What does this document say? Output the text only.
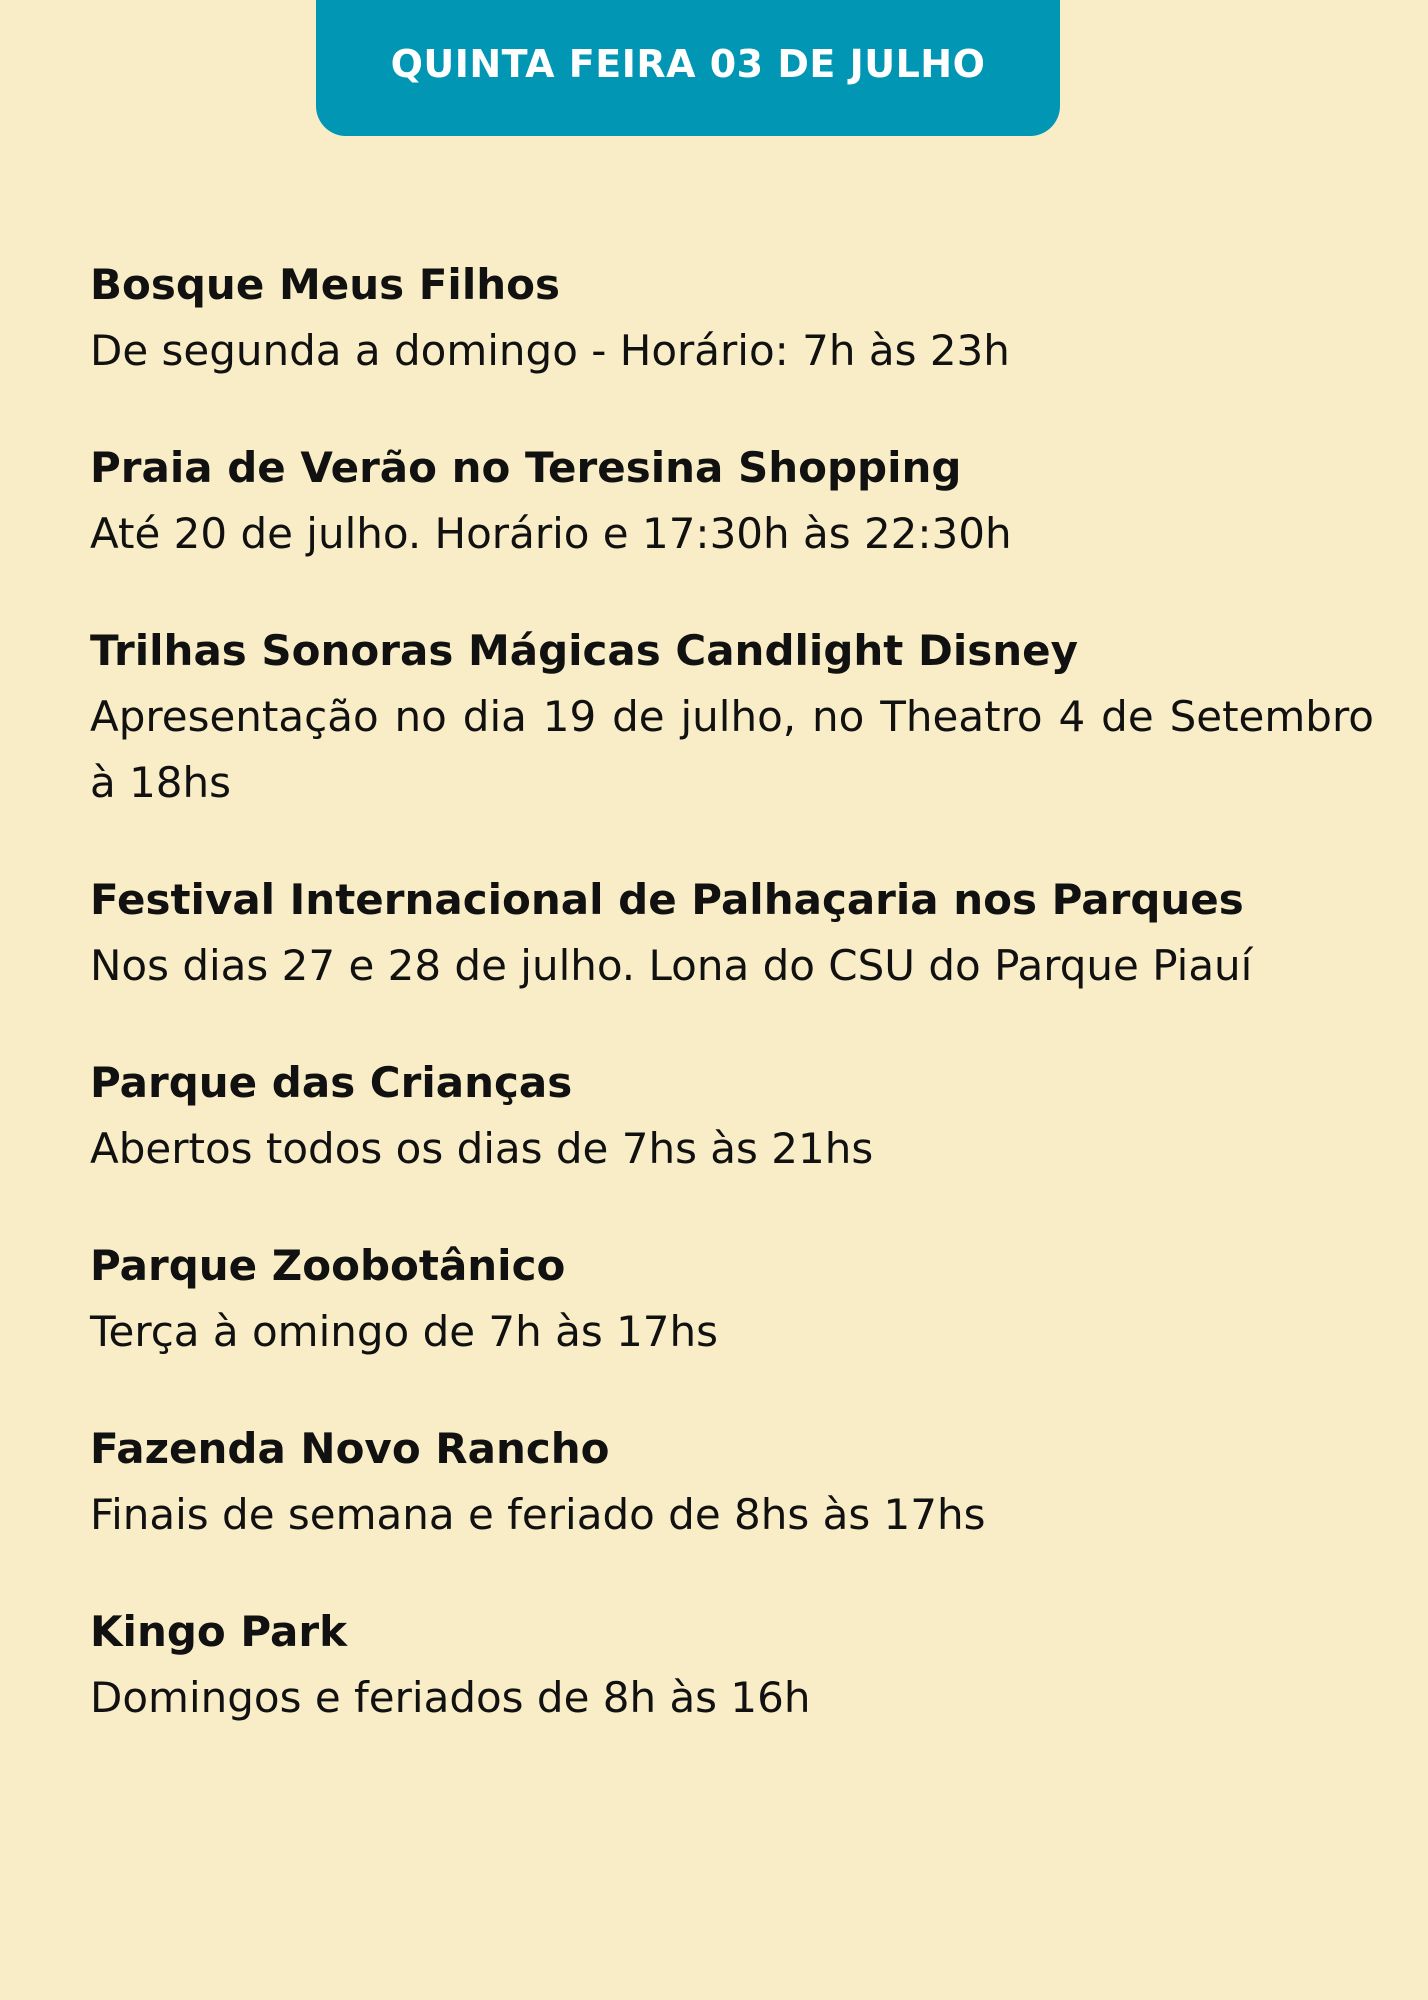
QUINTA FEIRA 03 DE JULHO
Bosque Meus Filhos
De segunda a domingo - Horário: 7h às 23h
Praia de Verão no Teresina Shopping
Até 20 de julho. Horário e 17:30h às 22:30h
Trilhas Sonoras Mágicas Candlight Disney
Apresentação no dia 19 de julho, no Theatro 4 de Setembro à 18hs
Festival Internacional de Palhaçaria nos Parques
Nos dias 27 e 28 de julho. Lona do CSU do Parque Piauí
Parque das Crianças
Abertos todos os dias de 7hs às 21hs
Parque Zoobotânico
Terça à omingo de 7h às 17hs
Fazenda Novo Rancho
Finais de semana e feriado de 8hs às 17hs
Kingo Park
Domingos e feriados de 8h às 16h
